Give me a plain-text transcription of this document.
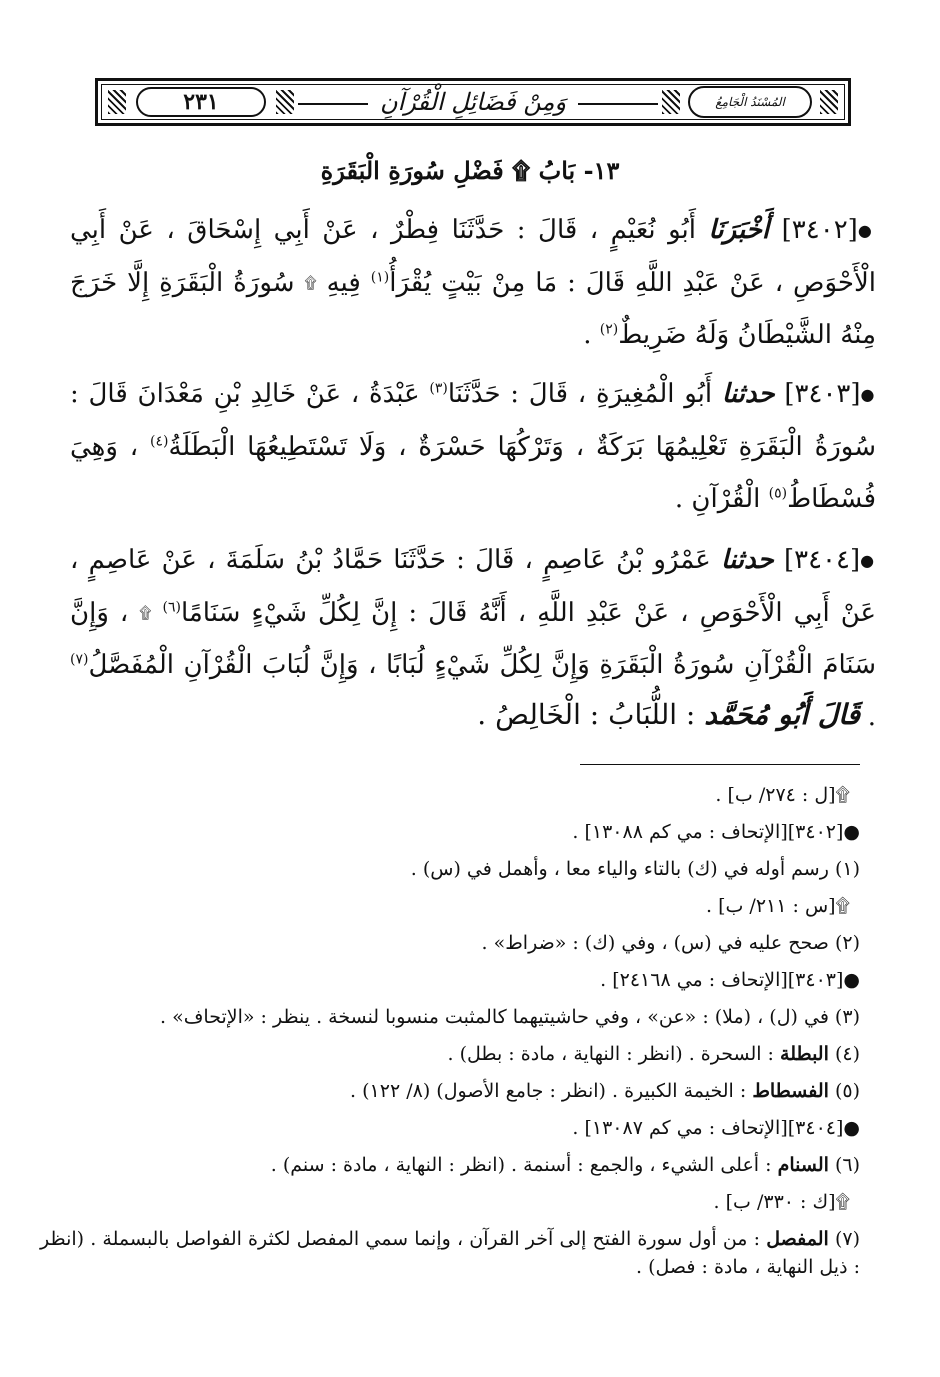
٢٣١	وَمِنْ فَضَائِلِ الْقُرْآنِ	المُسْنَدُ الْجَامِعُ
١٣- بَابُ ۩ فَضْلِ سُورَةِ الْبَقَرَةِ
●[٣٤٠٢] أَخْبَرَنَا أَبُو نُعَيْمٍ ، قَالَ : حَدَّثَنَا فِطْرٌ ، عَنْ أَبِي إِسْحَاقَ ، عَنْ أَبِي الْأَحْوَصِ ، عَنْ عَبْدِ اللَّهِ قَالَ : مَا مِنْ بَيْتٍ يُقْرَأُ$^{(١)}$ فِيهِ ۩ سُورَةُ الْبَقَرَةِ إِلَّا خَرَجَ مِنْهُ الشَّيْطَانُ وَلَهُ ضَرِيطٌ$^{(٢)}$ .
●[٣٤٠٣] حدثنا أَبُو الْمُغِيرَةِ ، قَالَ : حَدَّثَنَا$^{(٣)}$ عَبْدَةُ ، عَنْ خَالِدِ بْنِ مَعْدَانَ قَالَ : سُورَةُ الْبَقَرَةِ تَعْلِيمُهَا بَرَكَةٌ ، وَتَرْكُهَا حَسْرَةٌ ، وَلَا تَسْتَطِيعُهَا الْبَطَلَةُ$^{(٤)}$ ، وَهِيَ فُسْطَاطُ$^{(٥)}$ الْقُرْآنِ .
●[٣٤٠٤] حدثنا عَمْرُو بْنُ عَاصِمٍ ، قَالَ : حَدَّثَنَا حَمَّادُ بْنُ سَلَمَةَ ، عَنْ عَاصِمٍ ، عَنْ أَبِي الْأَحْوَصِ ، عَنْ عَبْدِ اللَّهِ ، أَنَّهُ قَالَ : إِنَّ لِكُلِّ شَيْءٍ سَنَامًا$^{(٦)}$ ۩ ، وَإِنَّ سَنَامَ الْقُرْآنِ سُورَةُ الْبَقَرَةِ وَإِنَّ لِكُلِّ شَيْءٍ لُبَابًا ، وَإِنَّ لُبَابَ الْقُرْآنِ الْمُفَصَّلُ$^{(٧)}$ .
قَالَ أَبُو مُحَمَّد : اللُّبَابُ : الْخَالِصُ .
۩[ل : ٢٧٤/ ب] .
●[٣٤٠٢][الإتحاف : مي كم ١٣٠٨٨] .
(١) رسم أوله في (ك) بالتاء والياء معا ، وأهمل في (س) .
۩[س : ٢١١/ ب] .
(٢) صحح عليه في (س) ، وفي (ك) : «ضراط» .
●[٣٤٠٣][الإتحاف : مي ٢٤١٦٨] .
(٣) في (ل) ، (ملا) : «عن» ، وفي حاشيتيهما كالمثبت منسوبا لنسخة . ينظر : «الإتحاف» .
(٤) البطلة : السحرة . (انظر : النهاية ، مادة : بطل) .
(٥) الفسطاط : الخيمة الكبيرة . (انظر : جامع الأصول) (٨/ ١٢٢) .
●[٣٤٠٤][الإتحاف : مي كم ١٣٠٨٧] .
(٦) السنام : أعلى الشيء ، والجمع : أسنمة . (انظر : النهاية ، مادة : سنم) .
۩[ك : ٣٣٠/ ب] .
(٧) المفصل : من أول سورة الفتح إلى آخر القرآن ، وإنما سمي المفصل لكثرة الفواصل بالبسملة . (انظر : ذيل النهاية ، مادة : فصل) .
